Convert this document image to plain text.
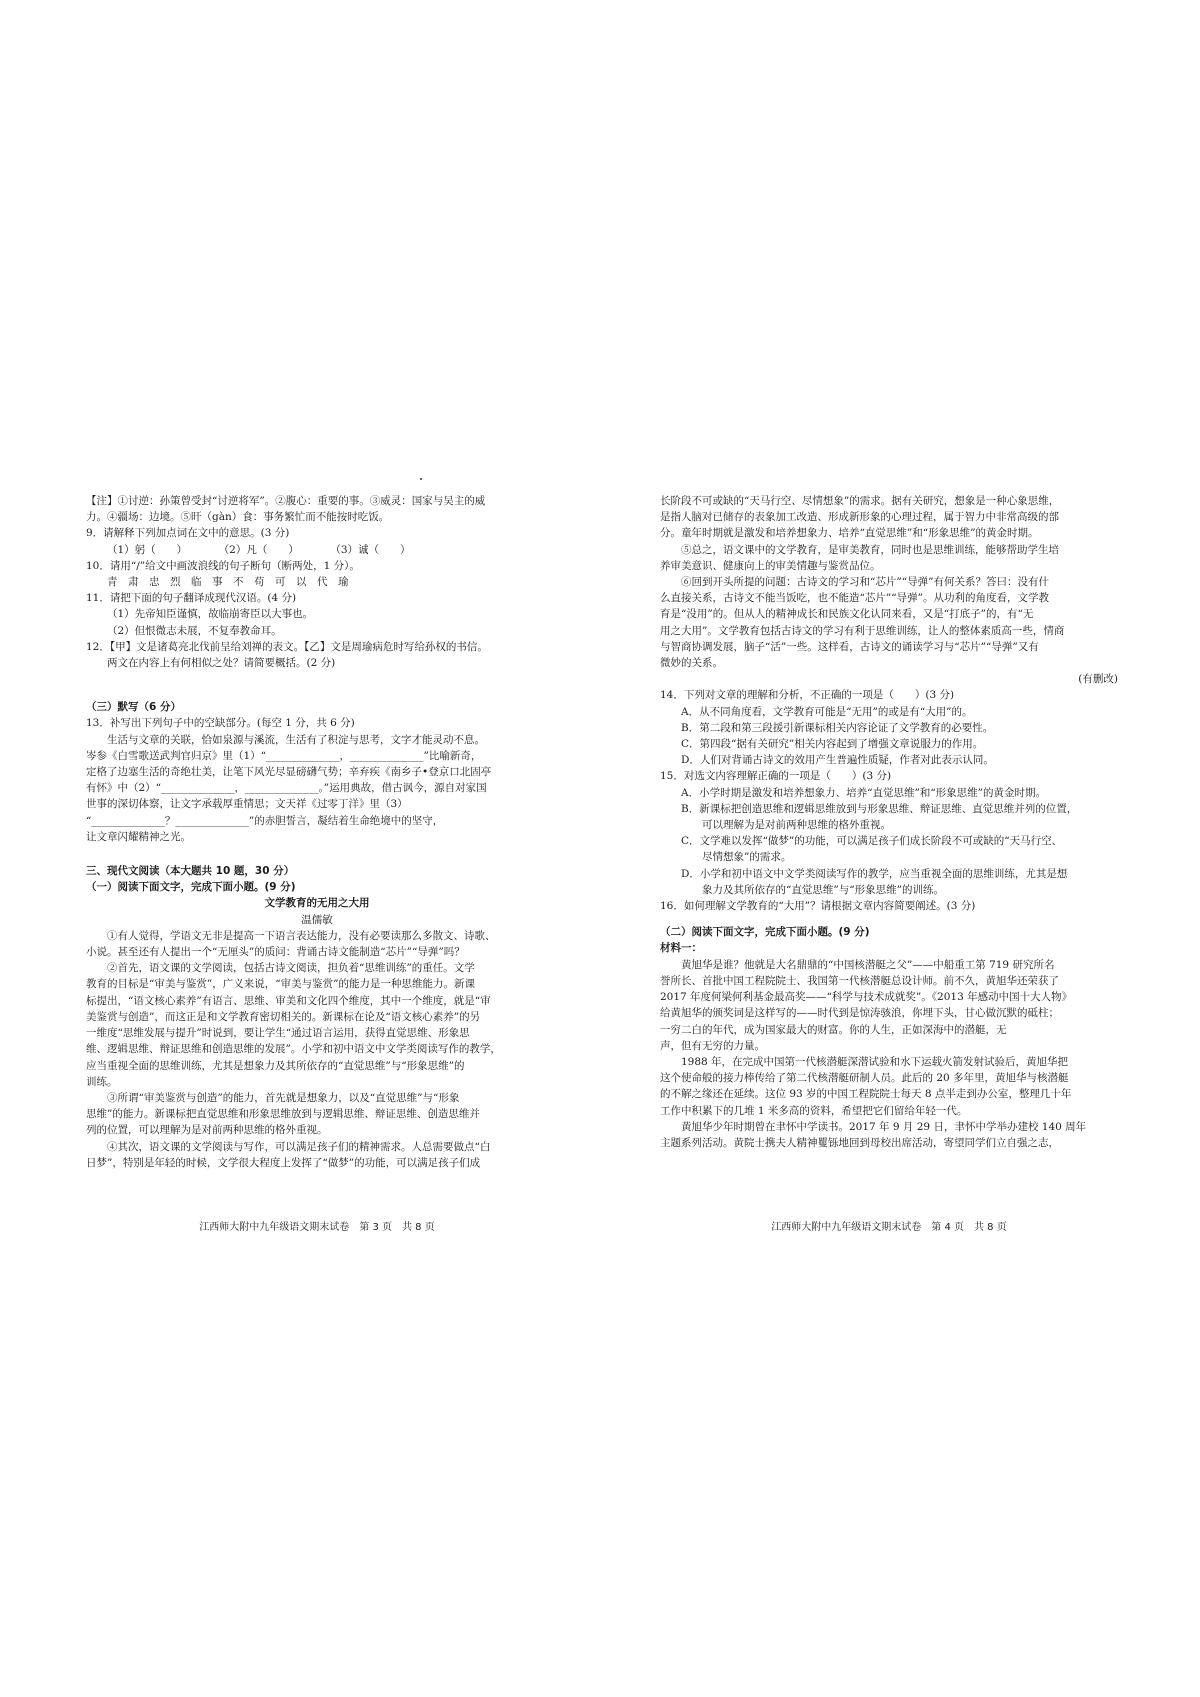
【注】①讨逆：孙策曾受封“讨逆将军”。②腹心：重要的事。③威灵：国家与吴主的威
力。④疆场：边境。⑤旰（gàn）食：事务繁忙而不能按时吃饭。
9．请解释下列加点词在文中的意思。(3 分)
（1）躬（　　）　　　　（2）凡（　　）　　　　（3）诚（　　）
10．请用“/”给文中画波浪线的句子断句（断两处，1 分）。
青　肃　忠　烈　临　事　不　苟　可　以　代　瑜
11．请把下面的句子翻译成现代汉语。(4 分)
（1）先帝知臣谨慎，故临崩寄臣以大事也。
（2）但恨微志未展，不复奉教命耳。
12．【甲】文是诸葛亮北伐前呈给刘禅的表文。【乙】文是周瑜病危时写给孙权的书信。
两文在内容上有何相似之处？请简要概括。(2 分)
（三）默写（6 分）
13．补写出下列句子中的空缺部分。(每空 1 分，共 6 分)
生活与文章的关联，恰如泉源与溪流，生活有了积淀与思考，文字才能灵动不息。
岑参《白雪歌送武判官归京》里（1）“______________，______________”比喻新奇，
定格了边塞生活的奇绝壮美，让笔下风光尽显磅礴气势；辛弃疾《南乡子•登京口北固亭
有怀》中（2）“______________，______________。”运用典故，借古讽今，源自对家国
世事的深切体察，让文字承载厚重情思；文天祥《过零丁洋》里（3）
“______________？______________”的赤胆誓言，凝结着生命绝境中的坚守，
让文章闪耀精神之光。
三、现代文阅读（本大题共 10 题，30 分）
（一）阅读下面文字，完成下面小题。(9 分)
文学教育的无用之大用
温儒敏
①有人觉得，学语文无非是提高一下语言表达能力，没有必要读那么多散文、诗歌、
小说。甚至还有人提出一个“无厘头”的质问：背诵古诗文能制造“芯片”“导弹”吗？
②首先，语文课的文学阅读，包括古诗文阅读，担负着“思维训练”的重任。文学
教育的目标是“审美与鉴赏”，广义来说，“审美与鉴赏”的能力是一种思维能力。新课
标提出，“语文核心素养”有语言、思维、审美和文化四个维度，其中一个维度，就是“审
美鉴赏与创造”，而这正是和文学教育密切相关的。新课标在论及“语文核心素养”的另
一维度“思维发展与提升”时说到，要让学生“通过语言运用，获得直觉思维、形象思
维、逻辑思维、辩证思维和创造思维的发展”。小学和初中语文中文学类阅读写作的教学，
应当重视全面的思维训练，尤其是想象力及其所依存的“直觉思维”与“形象思维”的
训练。
③所谓“审美鉴赏与创造”的能力，首先就是想象力，以及“直觉思维”与“形象
思维”的能力。新课标把直觉思维和形象思维放到与逻辑思维、辩证思维、创造思维并
列的位置，可以理解为是对前两种思维的格外重视。
④其次，语文课的文学阅读与写作，可以满足孩子们的精神需求。人总需要做点“白
日梦”，特别是年轻的时候，文学很大程度上发挥了“做梦”的功能，可以满足孩子们成
长阶段不可或缺的“天马行空、尽情想象”的需求。据有关研究，想象是一种心象思维，
是指人脑对已储存的表象加工改造、形成新形象的心理过程，属于智力中非常高级的部
分。童年时期就是激发和培养想象力、培养“直觉思维”和“形象思维”的黄金时期。
⑤总之，语文课中的文学教育，是审美教育，同时也是思维训练，能够帮助学生培
养审美意识、健康向上的审美情趣与鉴赏品位。
⑥回到开头所提的问题：古诗文的学习和“芯片”“导弹”有何关系？答曰：没有什
么直接关系，古诗文不能当饭吃，也不能造“芯片”“导弹”。从功利的角度看，文学教
育是“没用”的。但从人的精神成长和民族文化认同来看，又是“打底子”的，有“无
用之大用”。文学教育包括古诗文的学习有利于思维训练，让人的整体素质高一些，情商
与智商协调发展，脑子“活”一些。这样看，古诗文的诵读学习与“芯片”“导弹”又有
微妙的关系。
(有删改)
14．下列对文章的理解和分析，不正确的一项是（　　）(3 分)
A．从不同角度看，文学教育可能是“无用”的或是有“大用”的。
B．第二段和第三段援引新课标相关内容论证了文学教育的必要性。
C．第四段“据有关研究”相关内容起到了增强文章说服力的作用。
D．人们对背诵古诗文的效用产生普遍性质疑，作者对此表示认同。
15．对选文内容理解正确的一项是（　　）(3 分)
A．小学时期是激发和培养想象力、培养“直觉思维”和“形象思维”的黄金时期。
B．新课标把创造思维和逻辑思维放到与形象思维、辩证思维、直觉思维并列的位置，
　　可以理解为是对前两种思维的格外重视。
C．文学难以发挥“做梦”的功能，可以满足孩子们成长阶段不可或缺的“天马行空、
　　尽情想象”的需求。
D．小学和初中语文中文学类阅读写作的教学，应当重视全面的思维训练，尤其是想
　　象力及其所依存的“直觉思维”与“形象思维”的训练。
16．如何理解文学教育的“大用”？请根据文章内容简要阐述。(3 分)
（二）阅读下面文字，完成下面小题。(9 分)
材料一：
黄旭华是谁？他就是大名鼎鼎的“中国核潜艇之父”——中船重工第 719 研究所名
誉所长、首批中国工程院院士、我国第一代核潜艇总设计师。前不久，黄旭华还荣获了
2017 年度何梁何利基金最高奖——“科学与技术成就奖”。《2013 年感动中国十大人物》
给黄旭华的颁奖词是这样写的——时代到是惊涛骇浪，你埋下头，甘心做沉默的砥柱；
一穷二白的年代，成为国家最大的财富。你的人生，正如深海中的潜艇，无
声，但有无穷的力量。
1988 年，在完成中国第一代核潜艇深潜试验和水下运载火箭发射试验后，黄旭华把
这个使命般的接力棒传给了第二代核潜艇研制人员。此后的 20 多年里，黄旭华与核潜艇
的不解之缘还在延续。这位 93 岁的中国工程院院士每天 8 点半走到办公室，整理几十年
工作中积累下的几堆 1 米多高的资料，希望把它们留给年轻一代。
黄旭华少年时期曾在聿怀中学读书。2017 年 9 月 29 日，聿怀中学举办建校 140 周年
主题系列活动。黄院士携夫人精神矍铄地回到母校出席活动，寄望同学们立自强之志，
江西师大附中九年级语文期末试卷　第 3 页　共 8 页	江西师大附中九年级语文期末试卷　第 4 页　共 8 页
